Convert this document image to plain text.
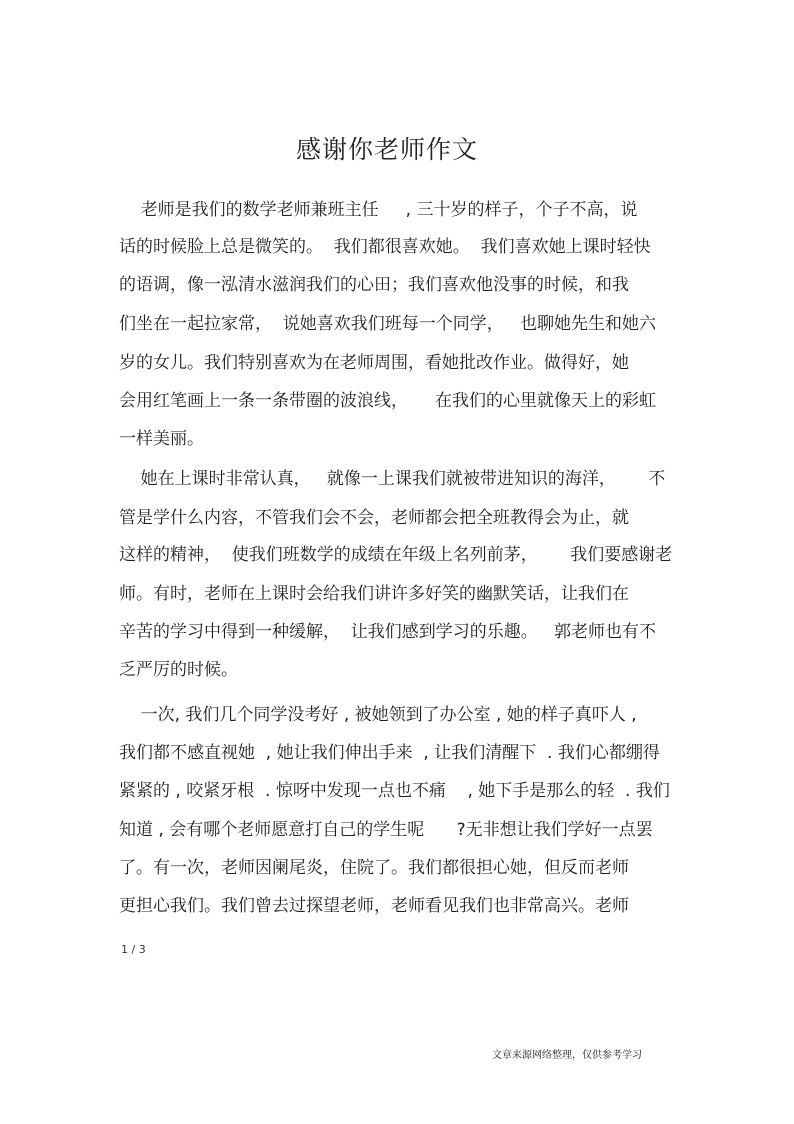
感谢你老师作文
老师是我们的数学老师兼班主任     , 三十岁的样子，个子不高，说
话的时候脸上总是微笑的。  我们都很喜欢她。  我们喜欢她上课时轻快
的语调，像一泓清水滋润我们的心田；我们喜欢他没事的时候，和我
们坐在一起拉家常，  说她喜欢我们班每一个同学，   也聊她先生和她六
岁的女儿。我们特别喜欢为在老师周围，看她批改作业。做得好，她
会用红笔画上一条一条带圈的波浪线，     在我们的心里就像天上的彩虹
一样美丽。
她在上课时非常认真，   就像一上课我们就被带进知识的海洋，      不
管是学什么内容，不管我们会不会，老师都会把全班教得会为止，就
这样的精神，  使我们班数学的成绩在年级上名列前茅，      我们要感谢老
师。有时，老师在上课时会给我们讲许多好笑的幽默笑话，让我们在
辛苦的学习中得到一种缓解，  让我们感到学习的乐趣。   郭老师也有不
乏严厉的时候。
一次, 我们几个同学没考好 , 被她领到了办公室 , 她的样子真吓人 ,
我们都不感直视她  , 她让我们伸出手来  , 让我们清醒下  . 我们心都绷得
紧紧的 , 咬紧牙根  . 惊呀中发现一点也不痛    , 她下手是那么的轻  . 我们
知道 , 会有哪个老师愿意打自己的学生呢      ?无非想让我们学好一点罢
了。有一次，老师因阑尾炎，住院了。我们都很担心她，但反而老师
更担心我们。我们曾去过探望老师，老师看见我们也非常高兴。老师
1 / 3
文章来源网络整理，仅供参考学习
